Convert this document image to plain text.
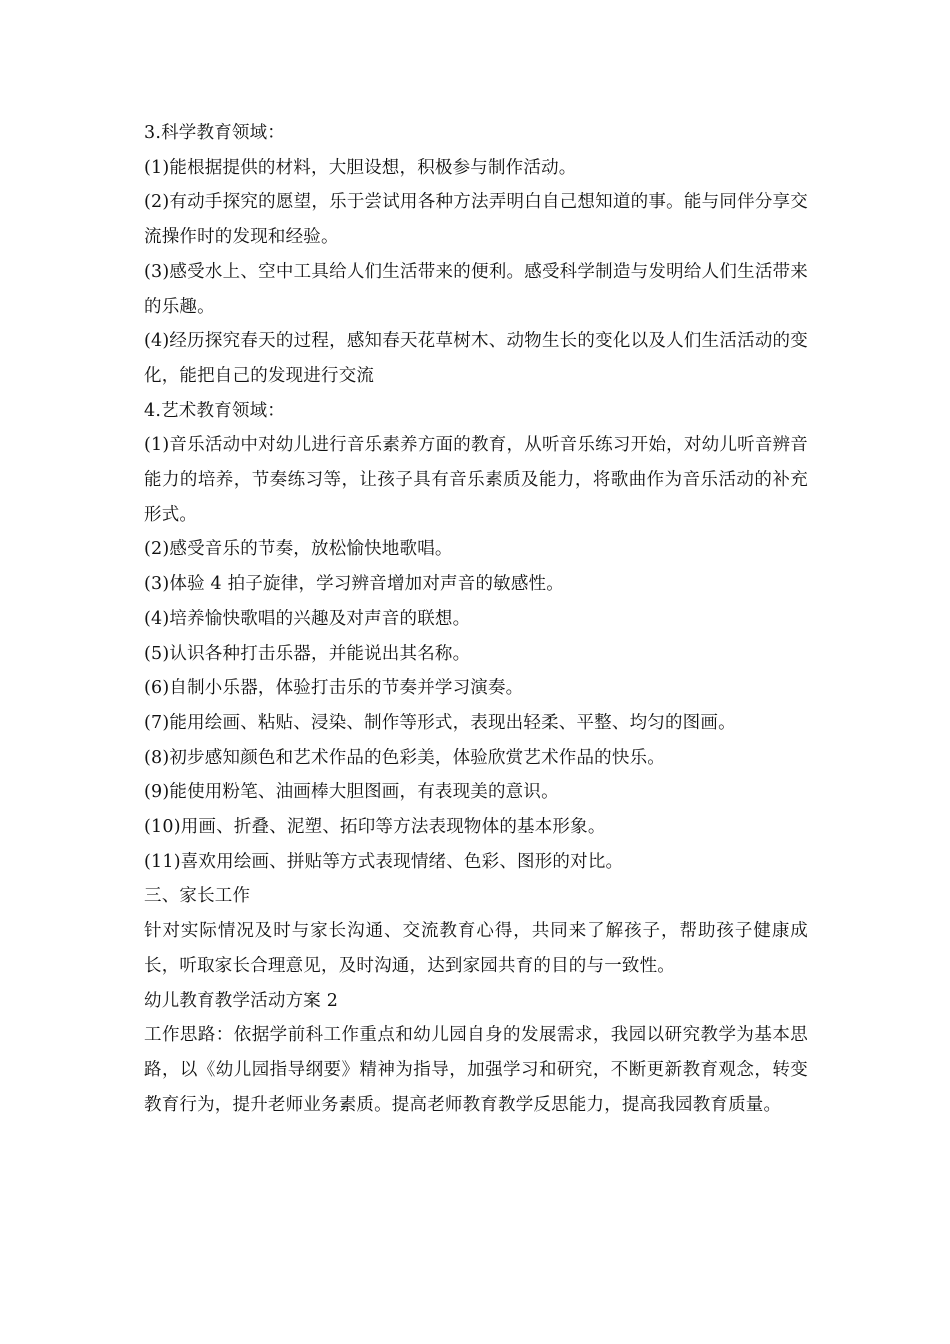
3.科学教育领域：

(1)能根据提供的材料，大胆设想，积极参与制作活动。

(2)有动手探究的愿望，乐于尝试用各种方法弄明白自己想知道的事。能与同伴分享交流操作时的发现和经验。

(3)感受水上、空中工具给人们生活带来的便利。感受科学制造与发明给人们生活带来的乐趣。

(4)经历探究春天的过程，感知春天花草树木、动物生长的变化以及人们生活活动的变化，能把自己的发现进行交流

4.艺术教育领域：

(1)音乐活动中对幼儿进行音乐素养方面的教育，从听音乐练习开始，对幼儿听音辨音能力的培养，节奏练习等，让孩子具有音乐素质及能力，将歌曲作为音乐活动的补充形式。

(2)感受音乐的节奏，放松愉快地歌唱。

(3)体验 4 拍子旋律，学习辨音增加对声音的敏感性。

(4)培养愉快歌唱的兴趣及对声音的联想。

(5)认识各种打击乐器，并能说出其名称。

(6)自制小乐器，体验打击乐的节奏并学习演奏。

(7)能用绘画、粘贴、浸染、制作等形式，表现出轻柔、平整、均匀的图画。

(8)初步感知颜色和艺术作品的色彩美，体验欣赏艺术作品的快乐。

(9)能使用粉笔、油画棒大胆图画，有表现美的意识。

(10)用画、折叠、泥塑、拓印等方法表现物体的基本形象。

(11)喜欢用绘画、拼贴等方式表现情绪、色彩、图形的对比。

三、家长工作

针对实际情况及时与家长沟通、交流教育心得，共同来了解孩子，帮助孩子健康成长，听取家长合理意见，及时沟通，达到家园共育的目的与一致性。

幼儿教育教学活动方案 2

工作思路：依据学前科工作重点和幼儿园自身的发展需求，我园以研究教学为基本思路，以《幼儿园指导纲要》精神为指导，加强学习和研究，不断更新教育观念，转变教育行为，提升老师业务素质。提高老师教育教学反思能力，提高我园教育质量。
